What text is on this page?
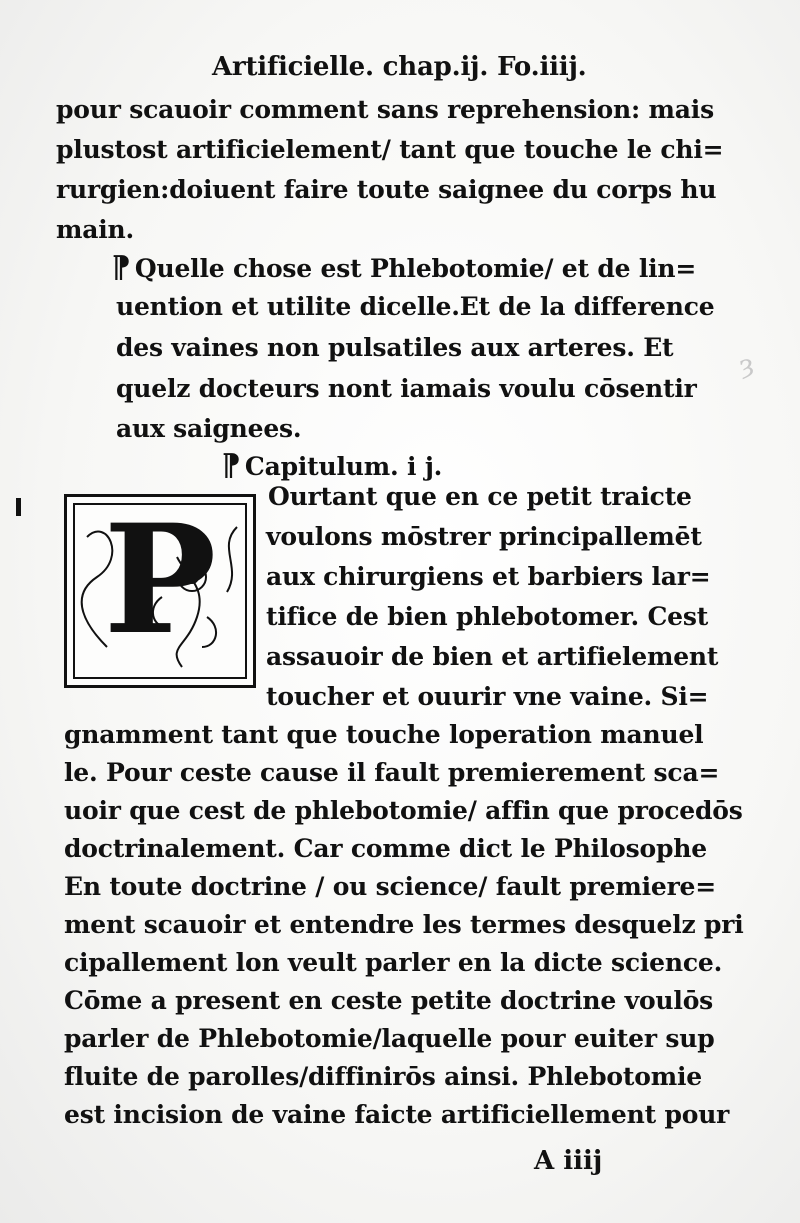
ȝ
Artificielle. chap.ij. Fo.iiij.
pour scauoir comment sans reprehension: mais
plustost artificielement/ tant que touche le chi=
rurgien:doiuent faire toute saignee du corps hu
main.
¶ Quelle chose est Phlebotomie/ et de lin=
uention et utilite dicelle.Et de la difference
des vaines non pulsatiles aux arteres. Et
quelz docteurs nont iamais voulu cōsentir
aux saignees.
¶ Capitulum. i j.
P	Ourtant que en ce petit traicte
voulons mōstrer principallemēt
aux chirurgiens et barbiers lar=
tifice de bien phlebotomer. Cest
assauoir de bien et artifielement
toucher et ouurir vne vaine. Si=
gnamment tant que touche loperation manuel
le. Pour ceste cause il fault premierement sca=
uoir que cest de phlebotomie/ affin que procedōs
doctrinalement. Car comme dict le Philosophe
En toute doctrine / ou science/ fault premiere=
ment scauoir et entendre les termes desquelz pri
cipallement lon veult parler en la dicte science.
Cōme a present en ceste petite doctrine voulōs
parler de Phlebotomie/laquelle pour euiter sup
fluite de parolles/diffinirōs ainsi. Phlebotomie
est incision de vaine faicte artificiellement pour
A iiij
